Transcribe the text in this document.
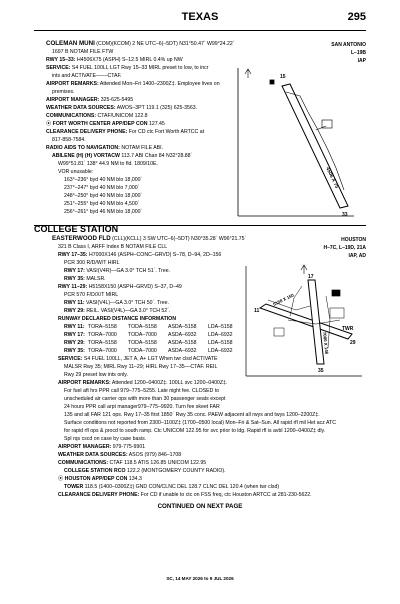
TEXAS	295
COLEMAN MUNI (COM)(KCOM) 2 NE UTC–6(–5DT) N31°50.47´ W99°24.22´	SAN ANTONIO
1697 B NOTAM FILE FTW	L–19B
RWY 15–33: H4506X75 (ASPH) S–12.5 MIRL 0.4% up NW	IAP
SERVICE: S4 FUEL 100LL LGT Rwy 15–33 MIRL preset to low, to incr
ints and ACTIVATE––––CTAF.
AIRPORT REMARKS: Attended Mon–Fri 1400–2300Z‡. Employee lives on
premises.
AIRPORT MANAGER: 325-625-5495
WEATHER DATA SOURCES: AWOS–3PT 119.1 (325) 625-3563.
COMMUNICATIONS: CTAF/UNICOM 122.8
⦿ FORT WORTH CENTER APP/DEP CON 127.45
CLEARANCE DELIVERY PHONE: For CD ctc Fort Worth ARTCC at
817-858-7584.
RADIO AIDS TO NAVIGATION: NOTAM FILE ABI.
ABILENE (H) (H) VORTACW 113.7 ABI Chan 84 N32°28.88´
W99°51.81´ 138° 44.9 NM to fld. 1809/10E.
VOR unusable:
163°–236° byd 40 NM blo 18,000´
237°–247° byd 40 NM blo 7,000´
248°–250° byd 40 NM blo 18,000´
251°–255° byd 40 NM blo 4,500´
256°–261° byd 46 NM blo 18,000´
15
33
4506 X 75
COLLEGE STATION
EASTERWOOD FLD (CLL)(KCLL) 3 SW UTC–6(–5DT) N30°35.28´ W96°21.75´	HOUSTON
321 B Class I, ARFF Index B NOTAM FILE CLL	H–7C, L–19D, 21A
IAP, AD
RWY 17–35: H7000X146 (ASPH–CONC–GRVD) S–78, D–94, 2D–156
PCR 300 R/D/W/T HIRL
RWY 17: VASI(V4R)—GA 3.0° TCH 51´. Tree.
RWY 35: MALSR.
RWY 11–29: H5158X150 (ASPH–GRVD) S–37, D–49
PCR 570 F/D/X/T MIRL
RWY 11: VASI(V4L)—GA 3.0° TCH 50´. Tree.
RWY 29: REIL. VASI(V4L)—GA 3.0° TCH 52´.
RUNWAY DECLARED DISTANCE INFORMATION
RWY 11: TORA–5158 TODA–5158 ASDA–5158 LDA–5158
RWY 17: TORA–7000 TODA–7000 ASDA–6932 LDA–6932
RWY 29: TORA–5158 TODA–5158 ASDA–5158 LDA–5158
RWY 35: TORA–7000 TODA–7000 ASDA–6932 LDA–6932
SERVICE: S4 FUEL 100LL, JET A, A+ LGT When twr clsd ACTIVATE
MALSR Rwy 35; MIRL Rwy 11–29; HIRL Rwy 17–35––CTAF. REIL
Rwy 29 preset low ints only.
AIRPORT REMARKS: Attended 1200–0400Z‡. 100LL svc 1200–0400Z‡.
For fuel aft hrs PPR call 979–775–5255. Late night fee. CLOSED to
unscheduled air carrier ops with more than 30 passenger seats except
24 hours PPR call arpt manager979–775–9920. Turn fee skeet FAR
135 and all FAR 121 ops. Rwy 17–35 first 1850´ Rwy 35 conc. PAEW adjacent all rwys and twys 1200–2200Z‡.
Surface conditions not reported from 2300–1100Z‡ (1700–0500 local) Mon–Fri & Sat–Sun. All rapid rfl mil Het acz ATC
for rapid rfl ops & procd to south ramp. Ctc UNICOM 122.95 for svc prior to ldg. Rapid rfl is avbl 1200–0400Z‡ dly.
Spl rqs cscd on case by case basis.
AIRPORT MANAGER: 979-775-9901
WEATHER DATA SOURCES: ASOS (979) 846–1708
COMMUNICATIONS: CTAF 118.5 ATIS 126.85 UNICOM 122.95
COLLEGE STATION RCO 122.2 (MONTGOMERY COUNTY RADIO).
⦿ HOUSTON APP/DEP CON 134.3
TOWER 118.5 (1400–0300Z‡) GND CON/CLNC DEL 128.7 CLNC DEL 120.4 (when twr clsd)
CLEARANCE DELIVERY PHONE: For CD if unable to ctc on FSS freq, ctc Houston ARTCC at 281-230-5622.
TWR
11
29
17
35
5158 X 150
7000 X 146
CONTINUED ON NEXT PAGE
SC, 14 MAY 2026 to 9 JUL 2026
